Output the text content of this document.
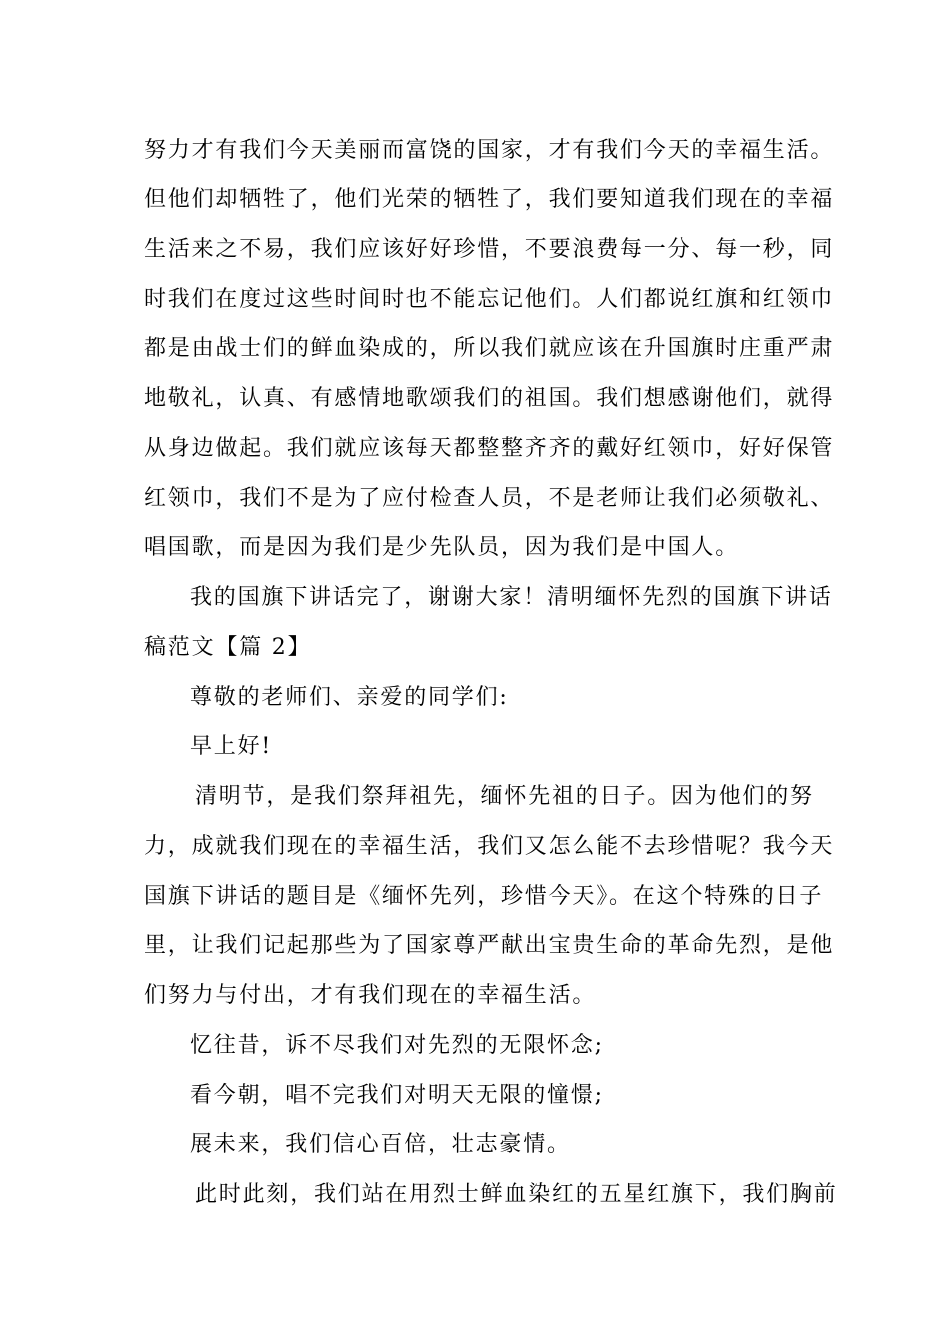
努力才有我们今天美丽而富饶的国家，才有我们今天的幸福生活。
但他们却牺牲了，他们光荣的牺牲了，我们要知道我们现在的幸福
生活来之不易，我们应该好好珍惜，不要浪费每一分、每一秒，同
时我们在度过这些时间时也不能忘记他们。人们都说红旗和红领巾
都是由战士们的鲜血染成的，所以我们就应该在升国旗时庄重严肃
地敬礼，认真、有感情地歌颂我们的祖国。我们想感谢他们，就得
从身边做起。我们就应该每天都整整齐齐的戴好红领巾，好好保管
红领巾，我们不是为了应付检查人员，不是老师让我们必须敬礼、
唱国歌，而是因为我们是少先队员，因为我们是中国人。
我的国旗下讲话完了，谢谢大家！清明缅怀先烈的国旗下讲话
稿范文【篇 2】
尊敬的老师们、亲爱的同学们:
早上好!
清明节，是我们祭拜祖先，缅怀先祖的日子。因为他们的努
力，成就我们现在的幸福生活，我们又怎么能不去珍惜呢？我今天
国旗下讲话的题目是《缅怀先列，珍惜今天》。在这个特殊的日子
里，让我们记起那些为了国家尊严献出宝贵生命的革命先烈，是他
们努力与付出，才有我们现在的幸福生活。
忆往昔，诉不尽我们对先烈的无限怀念;
看今朝，唱不完我们对明天无限的憧憬;
展未来，我们信心百倍，壮志豪情。
此时此刻，我们站在用烈士鲜血染红的五星红旗下，我们胸前
